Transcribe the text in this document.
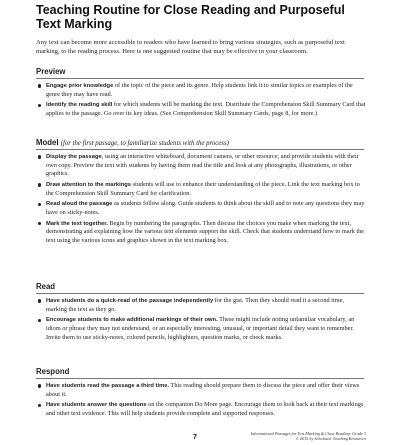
Teaching Routine for Close Reading and Purposeful Text Marking
Any text can become more accessible to readers who have learned to bring various strategies, such as purposeful text marking, to the reading process. Here is one suggested routine that may be effective in your classroom.
Preview
Engage prior knowledge of the topic of the piece and its genre. Help students link it to similar topics or examples of the genre they may have read.
Identify the reading skill for which students will be marking the text. Distribute the Comprehension Skill Summary Card that applies to the passage. Go over its key ideas. (See Comprehension Skill Summary Cards, page 8, for more.)
Model (for the first passage, to familiarize students with the process)
Display the passage, using an interactive whiteboard, document camera, or other resource, and provide students with their own copy. Preview the text with students by having them read the title and look at any photographs, illustrations, or other graphics.
Draw attention to the markings students will use to enhance their understanding of the piece. Link the text marking box to the Comprehension Skill Summary Card for clarification.
Read aloud the passage as students follow along. Guide students to think about the skill and to note any questions they may have on sticky-notes.
Mark the text together. Begin by numbering the paragraphs. Then discuss the choices you make when marking the text, demonstrating and explaining how the various text elements support the skill. Check that students understand how to mark the text using the various icons and graphics shown in the text marking box.
Read
Have students do a quick-read of the passage independently for the gist. Then they should read it a second time, marking the text as they go.
Encourage students to make additional markings of their own. These might include noting unfamiliar vocabulary, an idiom or phrase they may not understand, or an especially interesting, unusual, or important detail they want to remember. Invite them to use sticky-notes, colored pencils, highlighters, question marks, or check marks.
Respond
Have students read the passage a third time. This reading should prepare them to discuss the piece and offer their views about it.
Have students answer the questions on the companion Do More page. Encourage them to look back at their text markings and other text evidence. This will help students provide complete and supported responses.
7
Informational Passages for Text Marking & Close Reading: Grade 3
© 2015 by Scholastic Teaching Resources
